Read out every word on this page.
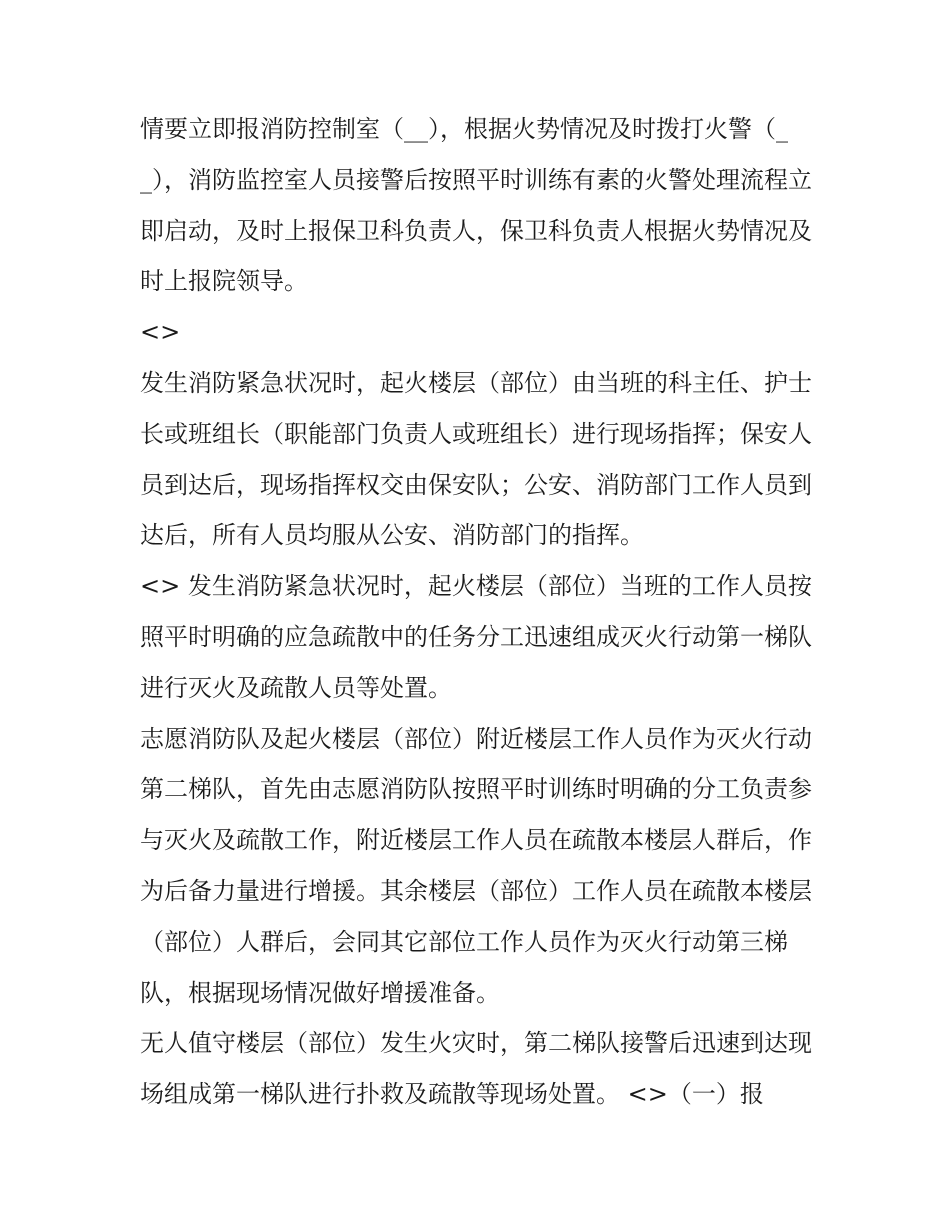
情要立即报消防控制室（__），根据火势情况及时拨打火警（__），消防监控室人员接警后按照平时训练有素的火警处理流程立即启动，及时上报保卫科负责人，保卫科负责人根据火势情况及时上报院领导。

<>

发生消防紧急状况时，起火楼层（部位）由当班的科主任、护士长或班组长（职能部门负责人或班组长）进行现场指挥；保安人员到达后，现场指挥权交由保安队；公安、消防部门工作人员到达后，所有人员均服从公安、消防部门的指挥。

<> 发生消防紧急状况时，起火楼层（部位）当班的工作人员按照平时明确的应急疏散中的任务分工迅速组成灭火行动第一梯队进行灭火及疏散人员等处置。

志愿消防队及起火楼层（部位）附近楼层工作人员作为灭火行动第二梯队，首先由志愿消防队按照平时训练时明确的分工负责参与灭火及疏散工作，附近楼层工作人员在疏散本楼层人群后，作为后备力量进行增援。其余楼层（部位）工作人员在疏散本楼层（部位）人群后，会同其它部位工作人员作为灭火行动第三梯队，根据现场情况做好增援准备。

无人值守楼层（部位）发生火灾时，第二梯队接警后迅速到达现场组成第一梯队进行扑救及疏散等现场处置。 <>（一）报
